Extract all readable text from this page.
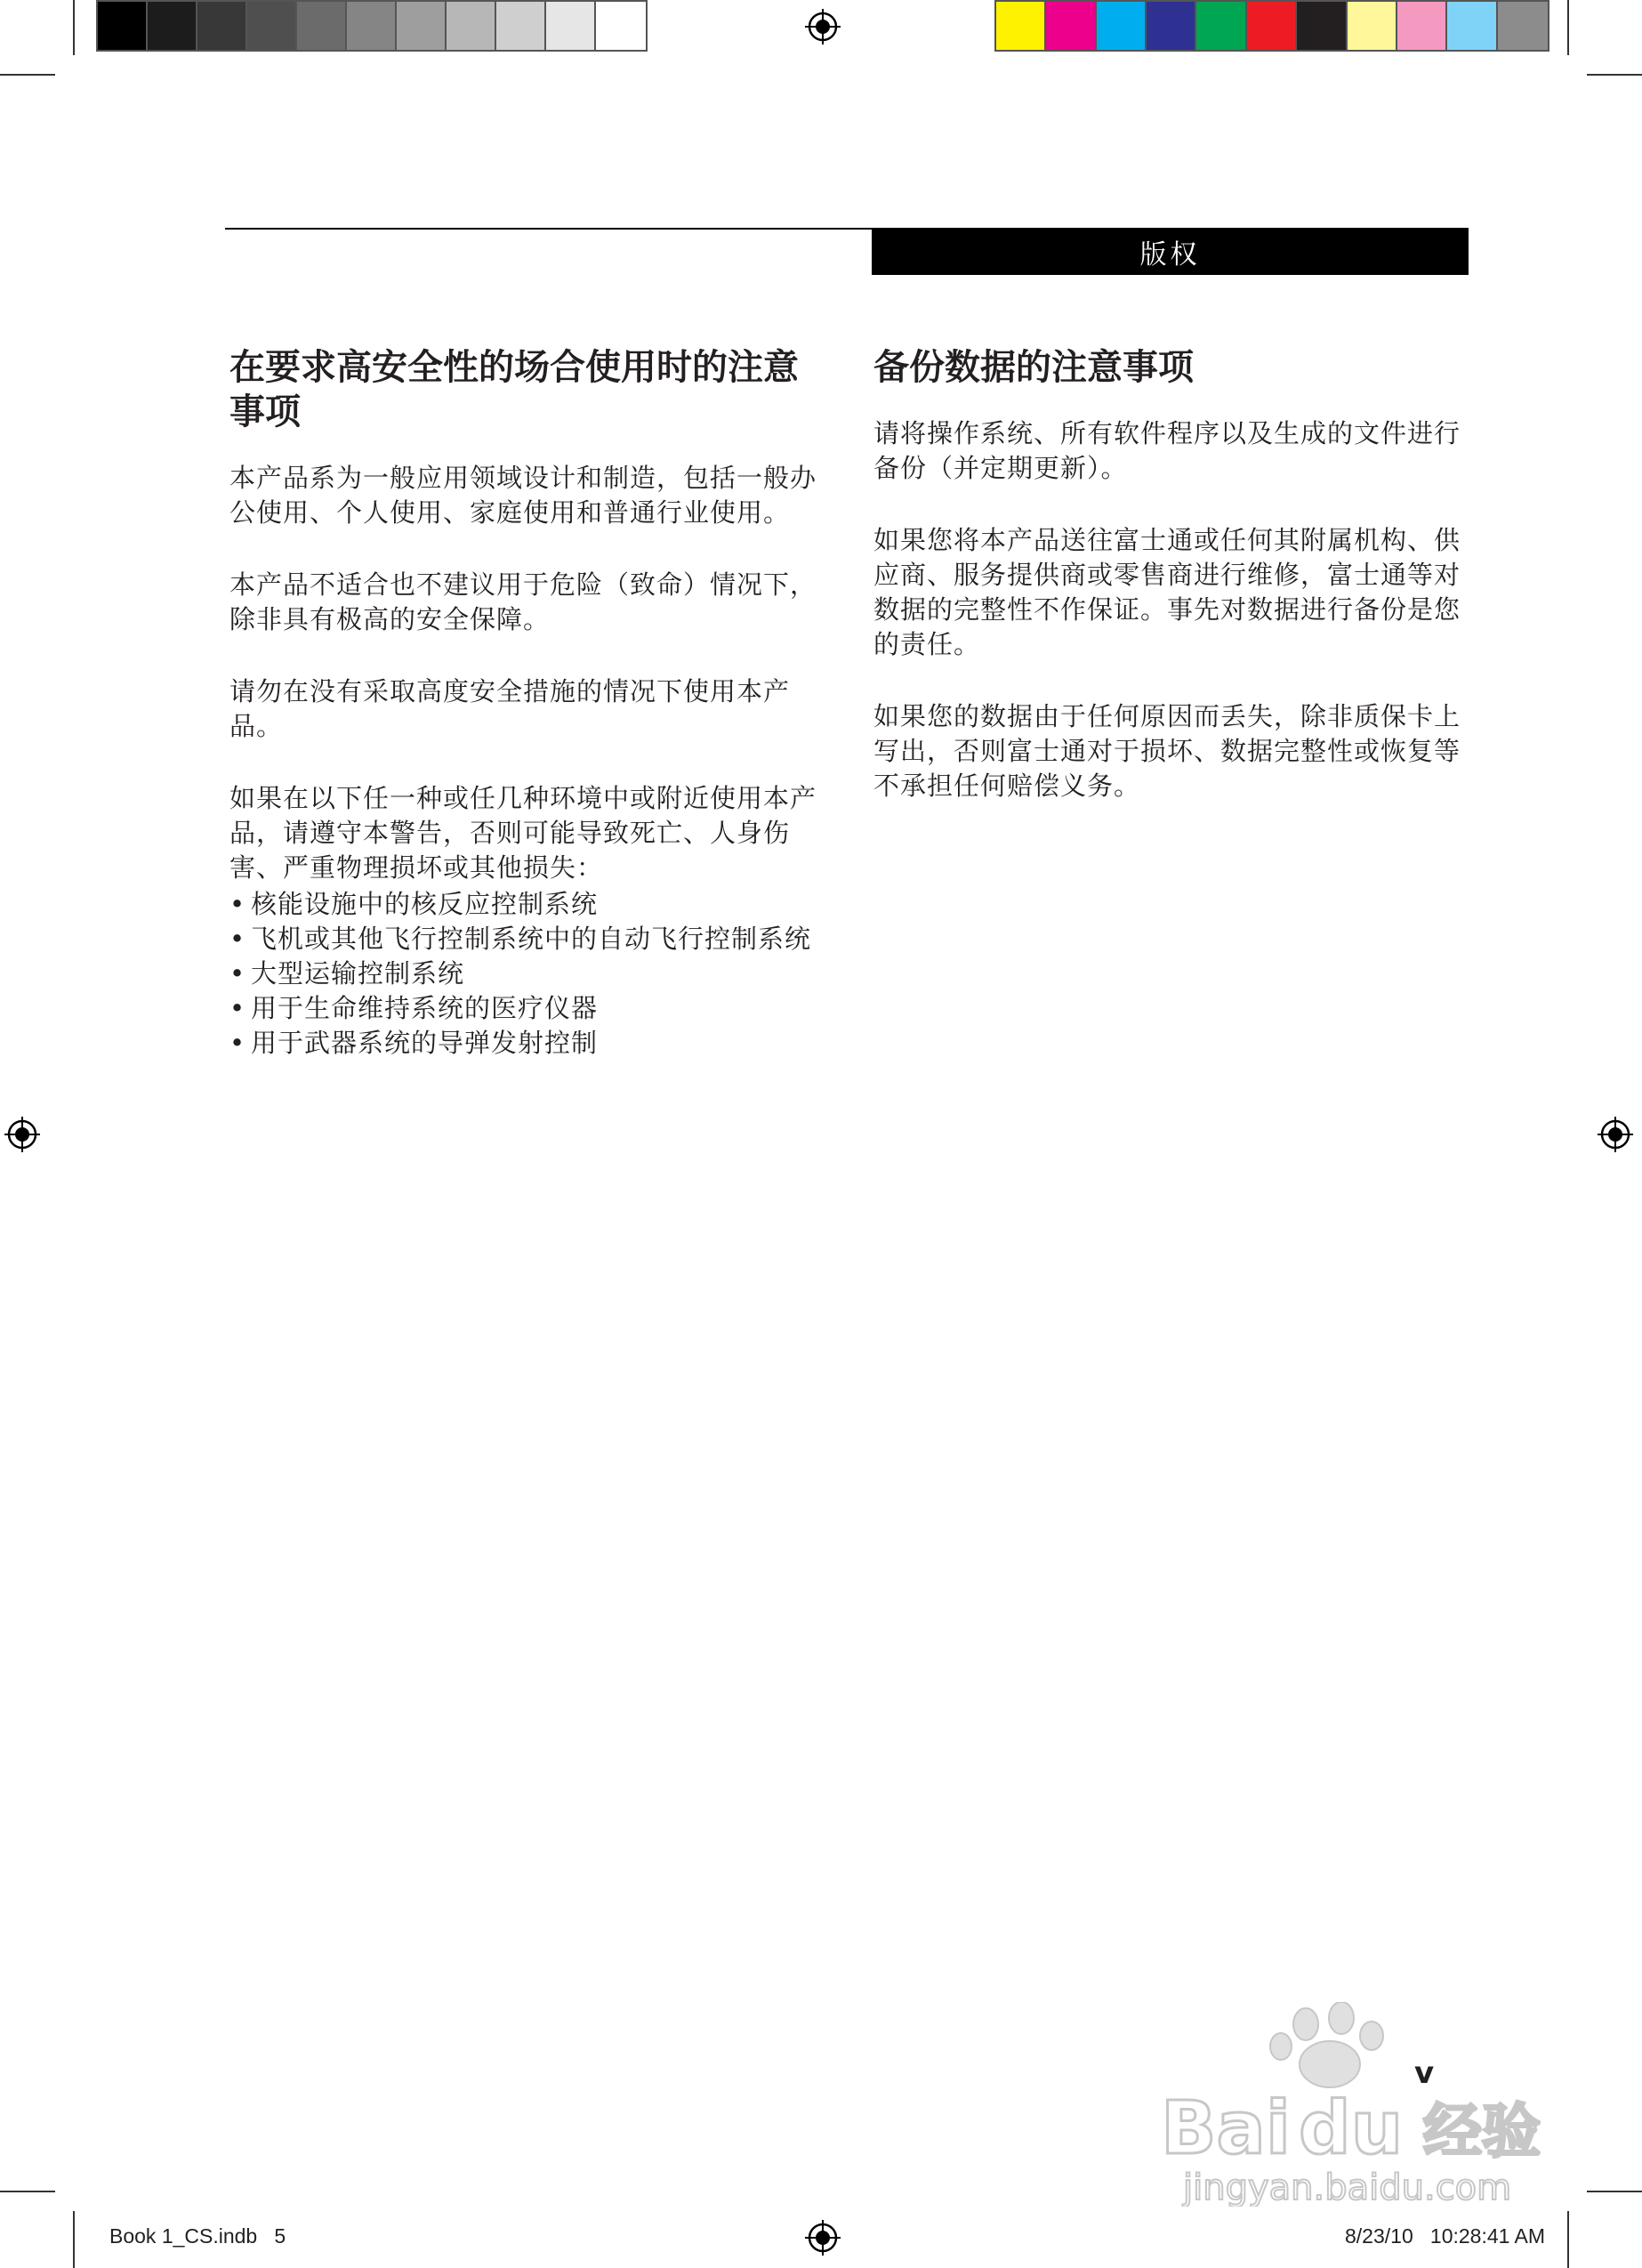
版权
在要求高安全性的场合使用时的注意事项

本产品系为一般应用领域设计和制造，包括一般办公使用、个人使用、家庭使用和普通行业使用。

本产品不适合也不建议用于危险（致命）情况下，除非具有极高的安全保障。

请勿在没有采取高度安全措施的情况下使用本产品。

如果在以下任一种或任几种环境中或附近使用本产品，请遵守本警告，否则可能导致死亡、人身伤害、严重物理损坏或其他损失：

• 核能设施中的核反应控制系统
• 飞机或其他飞行控制系统中的自动飞行控制系统
• 大型运输控制系统
• 用于生命维持系统的医疗仪器
• 用于武器系统的导弹发射控制
备份数据的注意事项

请将操作系统、所有软件程序以及生成的文件进行备份（并定期更新）。

如果您将本产品送往富士通或任何其附属机构、供应商、服务提供商或零售商进行维修，富士通等对数据的完整性不作保证。事先对数据进行备份是您的责任。

如果您的数据由于任何原因而丢失，除非质保卡上写出，否则富士通对于损坏、数据完整性或恢复等不承担任何赔偿义务。

v
Bai du 经验
jingyan.baidu.com
Book 1_CS.indb   5	8/23/10   10:28:41 AM
